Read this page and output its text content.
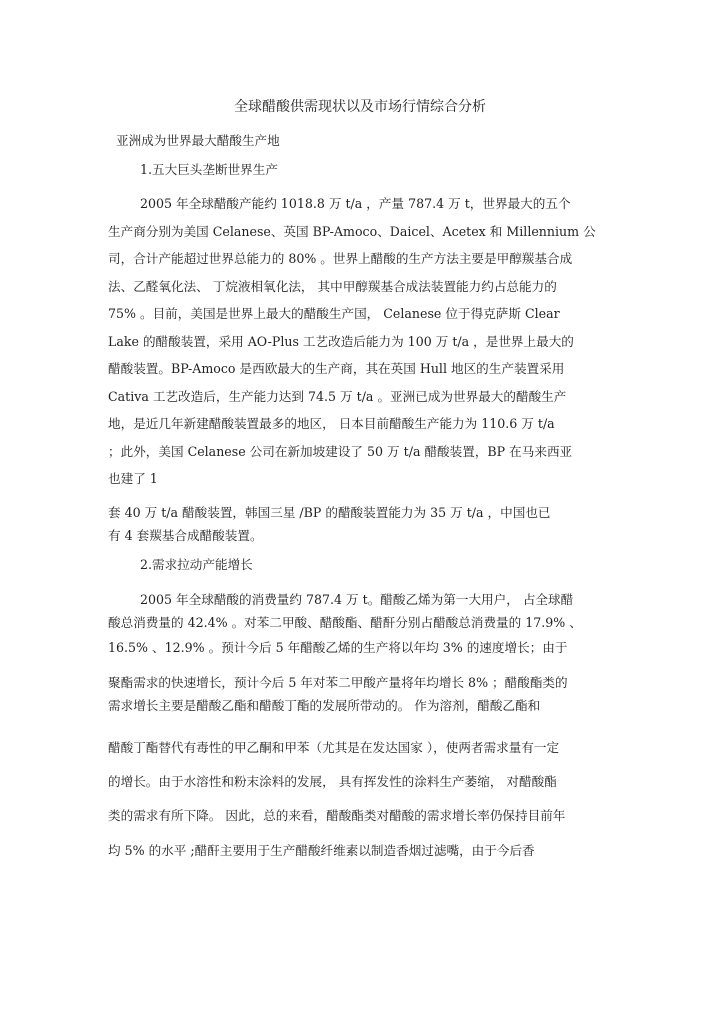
全球醋酸供需现状以及市场行情综合分析
亚洲成为世界最大醋酸生产地
1.五大巨头垄断世界生产
2005 年全球醋酸产能约 1018.8 万 t/a ，产量 787.4 万 t，世界最大的五个
生产商分别为美国 Celanese、英国 BP-Amoco、Daicel、Acetex 和 Millennium 公
司，合计产能超过世界总能力的 80% 。世界上醋酸的生产方法主要是甲醇羰基合成
法、乙醛氧化法、 丁烷液相氧化法， 其中甲醇羰基合成法装置能力约占总能力的
75% 。目前，美国是世界上最大的醋酸生产国， Celanese 位于得克萨斯 Clear
Lake 的醋酸装置，采用 AO-Plus 工艺改造后能力为 100 万 t/a ，是世界上最大的
醋酸装置。BP-Amoco 是西欧最大的生产商，其在英国 Hull 地区的生产装置采用
Cativa 工艺改造后，生产能力达到 74.5 万 t/a 。亚洲已成为世界最大的醋酸生产
地，是近几年新建醋酸装置最多的地区， 日本目前醋酸生产能力为 110.6 万 t/a
；此外，美国 Celanese 公司在新加坡建设了 50 万 t/a 醋酸装置，BP 在马来西亚
也建了 1
套 40 万 t/a 醋酸装置，韩国三星 /BP 的醋酸装置能力为 35 万 t/a ，中国也已
有 4 套羰基合成醋酸装置。
2.需求拉动产能增长
2005 年全球醋酸的消费量约 787.4 万 t。醋酸乙烯为第一大用户， 占全球醋
酸总消费量的 42.4% 。对苯二甲酸、醋酸酯、醋酐分别占醋酸总消费量的 17.9% 、
16.5% 、12.9% 。预计今后 5 年醋酸乙烯的生产将以年均 3% 的速度增长；由于
聚酯需求的快速增长，预计今后 5 年对苯二甲酸产量将年均增长 8% ；醋酸酯类的
需求增长主要是醋酸乙酯和醋酸丁酯的发展所带动的。 作为溶剂，醋酸乙酯和
醋酸丁酯替代有毒性的甲乙酮和甲苯（尤其是在发达国家 ），使两者需求量有一定
的增长。由于水溶性和粉末涂料的发展， 具有挥发性的涂料生产萎缩， 对醋酸酯
类的需求有所下降。 因此，总的来看，醋酸酯类对醋酸的需求增长率仍保持目前年
均 5% 的水平 ;醋酐主要用于生产醋酸纤维素以制造香烟过滤嘴，由于今后香
